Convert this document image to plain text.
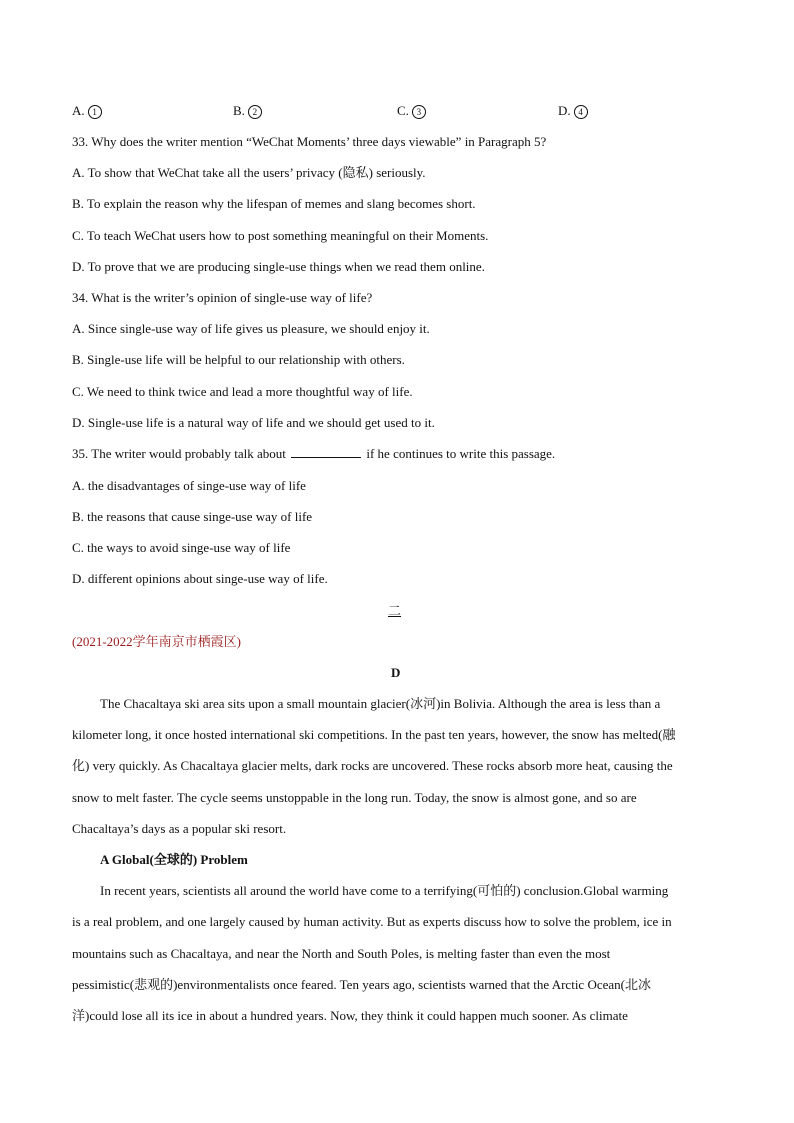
A. 1	B. 2	C. 3	D. 4
33. Why does the writer mention “WeChat Moments’ three days viewable” in Paragraph 5?
A. To show that WeChat take all the users’ privacy (隐私) seriously.
B. To explain the reason why the lifespan of memes and slang becomes short.
C. To teach WeChat users how to post something meaningful on their Moments.
D. To prove that we are producing single-use things when we read them online.
34. What is the writer’s opinion of single-use way of life?
A. Since single-use way of life gives us pleasure, we should enjoy it.
B. Single-use life will be helpful to our relationship with others.
C. We need to think twice and lead a more thoughtful way of life.
D. Single-use life is a natural way of life and we should get used to it.
35. The writer would probably talk about	if he continues to write this passage.
A. the disadvantages of singe-use way of life
B. the reasons that cause singe-use way of life
C. the ways to avoid singe-use way of life
D. different opinions about singe-use way of life.
二
(2021-2022学年南京市栖霞区)
D
The Chacaltaya ski area sits upon a small mountain glacier(冰河)in Bolivia. Although the area is less than a
kilometer long, it once hosted international ski competitions. In the past ten years, however, the snow has melted(融
化) very quickly. As Chacaltaya glacier melts, dark rocks are uncovered. These rocks absorb more heat, causing the
snow to melt faster. The cycle seems unstoppable in the long run. Today, the snow is almost gone, and so are
Chacaltaya’s days as a popular ski resort.
A Global(全球的) Problem
In recent years, scientists all around the world have come to a terrifying(可怕的) conclusion.Global warming
is a real problem, and one largely caused by human activity. But as experts discuss how to solve the problem, ice in
mountains such as Chacaltaya, and near the North and South Poles, is melting faster than even the most
pessimistic(悲观的)environmentalists once feared. Ten years ago, scientists warned that the Arctic Ocean(北冰
洋)could lose all its ice in about a hundred years. Now, they think it could happen much sooner. As climate
